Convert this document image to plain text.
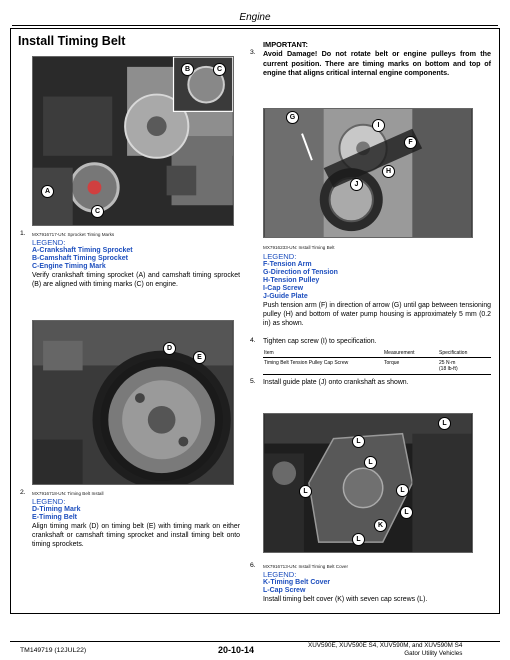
Engine
Install Timing Belt
A
B	C
C
1. MX7916717-UN: Sprocket Timing Marks
LEGEND:
A-Crankshaft Timing Sprocket
B-Camshaft Timing Sprocket
C-Engine Timing Mark
Verify crankshaft timing sprocket (A) and camshaft timing sprocket (B) are aligned with timing marks (C) on engine.
D
E
2. MX7916718-UN: Timing Belt Install
LEGEND:
D-Timing Mark
E-Timing Belt
Align timing mark (D) on timing belt (E) with timing mark on either crankshaft or camshaft timing sprocket and install timing belt onto timing sprockets.
IMPORTANT:
3. Avoid Damage! Do not rotate belt or engine pulleys from the current position. There are timing marks on bottom and top of engine that aligns critical internal engine components.
G
I
F
H
J
MX7916233-UN: Install Timing Belt
LEGEND:
F-Tension Arm
G-Direction of Tension
H-Tension Pulley
I-Cap Screw
J-Guide Plate
Push tension arm (F) in direction of arrow (G) until gap between tensioning pulley (H) and bottom of water pump housing is approximately 5 mm (0.2 in) as shown.
4. Tighten cap screw (I) to specification.
Item	Measurement	Specification
Timing Belt Tension Pulley Cap Screw	Torque	25 N·m
(18 lb-ft)
5. Install guide plate (J) onto crankshaft as shown.
L
L
L
L	L
K
L
L
6. MX7916713-UN: Install Timing Belt Cover
LEGEND:
K-Timing Belt Cover
L-Cap Screw
Install timing belt cover (K) with seven cap screws (L).
TM149719 (12JUL22)	20-10-14	XUV590E, XUV590E S4, XUV590M, and XUV590M S4
Gator Utility Vehicles
